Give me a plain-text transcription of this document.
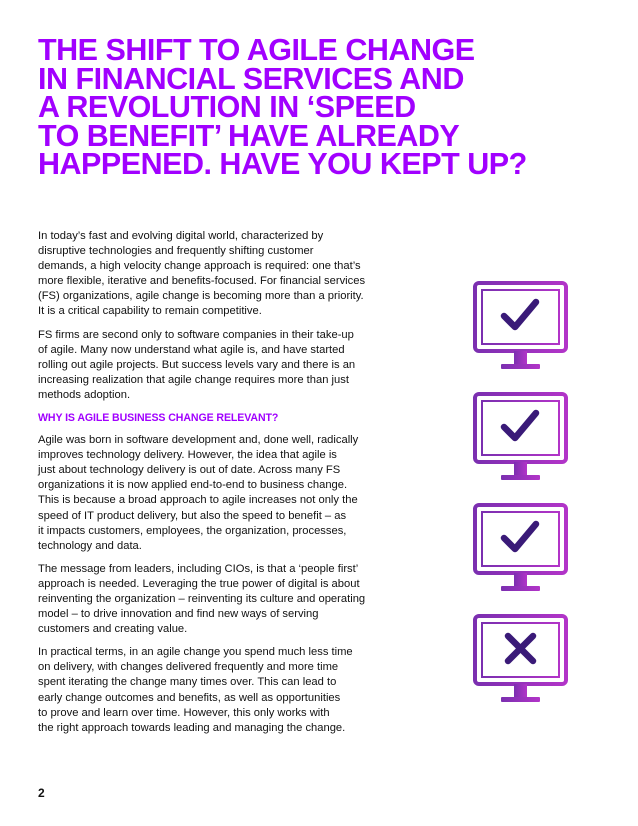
THE SHIFT TO AGILE CHANGE
IN FINANCIAL SERVICES AND
A REVOLUTION IN ‘SPEED
TO BENEFIT’ HAVE ALREADY
HAPPENED. HAVE YOU KEPT UP?

In today’s fast and evolving digital world, characterized by
disruptive technologies and frequently shifting customer
demands, a high velocity change approach is required: one that’s
more flexible, iterative and benefits-focused. For financial services
(FS) organizations, agile change is becoming more than a priority.
It is a critical capability to remain competitive.

FS firms are second only to software companies in their take-up
of agile. Many now understand what agile is, and have started
rolling out agile projects. But success levels vary and there is an
increasing realization that agile change requires more than just
methods adoption.

WHY IS AGILE BUSINESS CHANGE RELEVANT?

Agile was born in software development and, done well, radically
improves technology delivery. However, the idea that agile is
just about technology delivery is out of date. Across many FS
organizations it is now applied end-to-end to business change.
This is because a broad approach to agile increases not only the
speed of IT product delivery, but also the speed to benefit – as
it impacts customers, employees, the organization, processes,
technology and data.

The message from leaders, including CIOs, is that a ‘people first’
approach is needed. Leveraging the true power of digital is about
reinventing the organization – reinventing its culture and operating
model – to drive innovation and find new ways of serving
customers and creating value.

In practical terms, in an agile change you spend much less time
on delivery, with changes delivered frequently and more time
spent iterating the change many times over. This can lead to
early change outcomes and benefits, as well as opportunities
to prove and learn over time. However, this only works with
the right approach towards leading and managing the change.

2
